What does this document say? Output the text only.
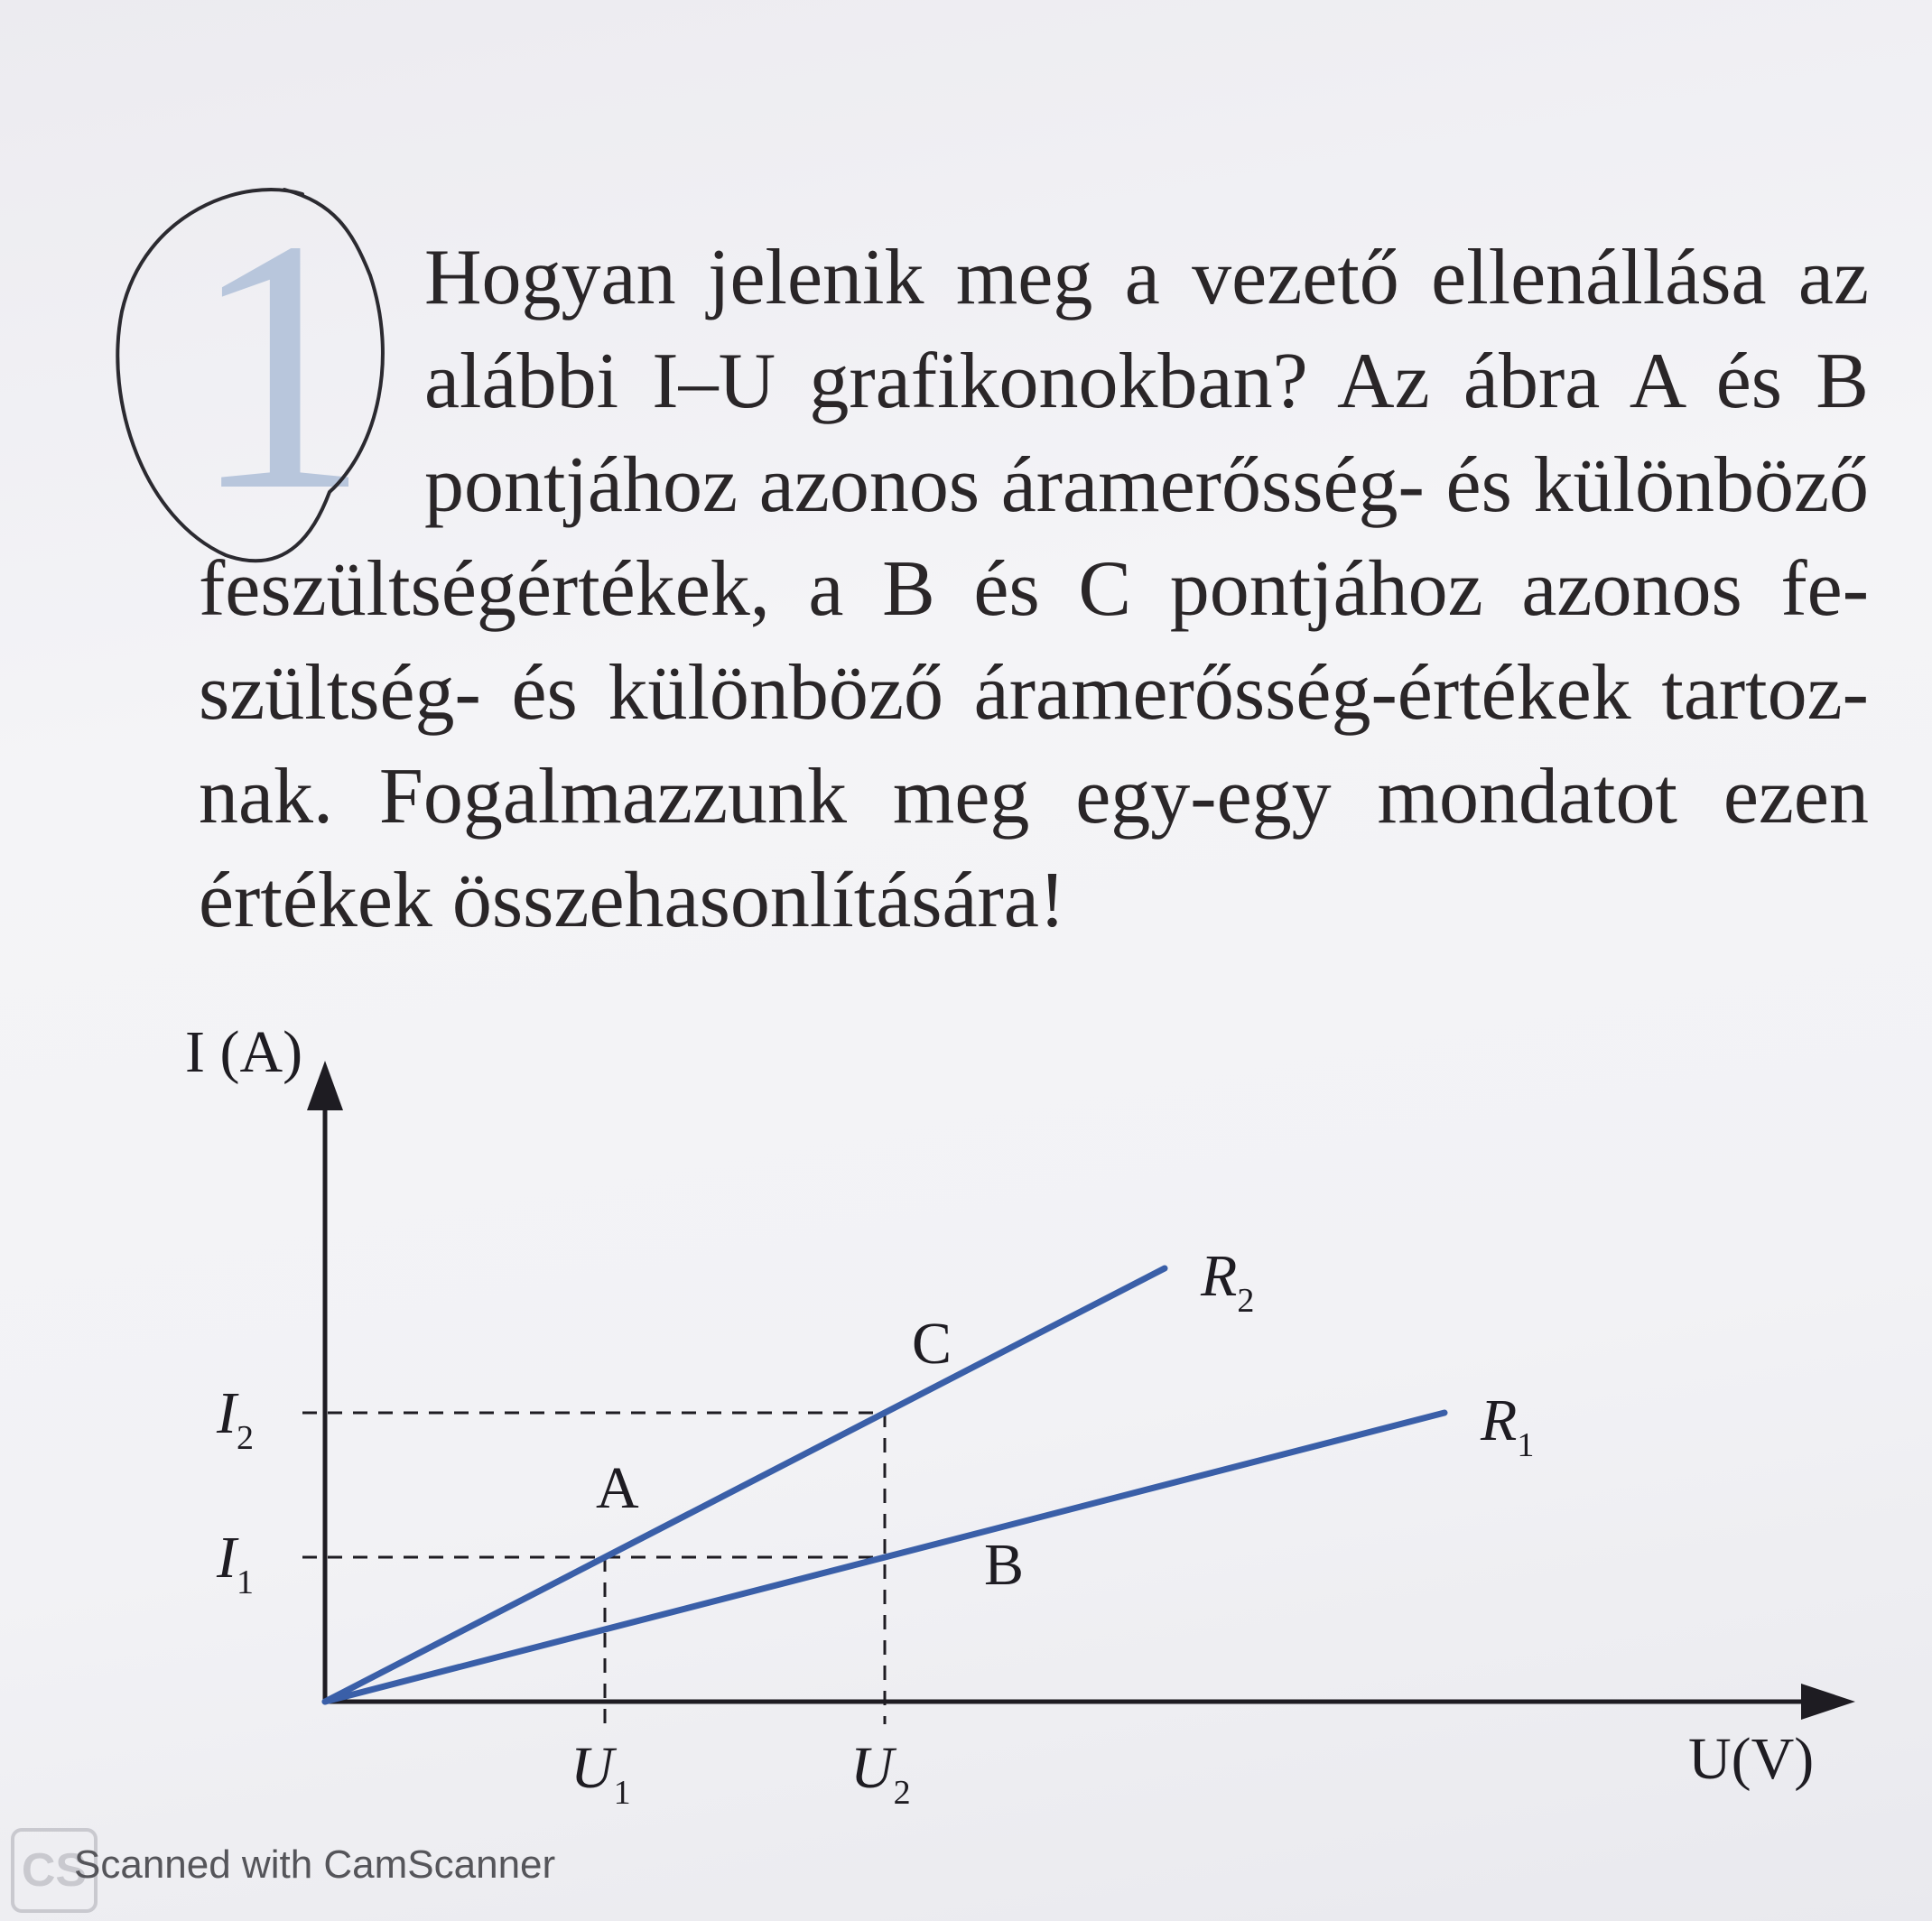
1 Hogyan jelenik meg a vezető ellenállása az
alábbi I–U grafikonokban? Az ábra A és B
pontjához azonos áramerősség- és különböző
feszültségértékek, a B és C pontjához azonos fe-
szültség- és különböző áramerősség-értékek tartoz-
nak. Fogalmazzunk meg egy-egy mondatot ezen
értékek összehasonlítására!
I (A)
U(V)
$I_1$
$I_2$
$U_1$	$U_2$
$R_2$
$R_1$
A
B
C
CS
Scanned with CamScanner
